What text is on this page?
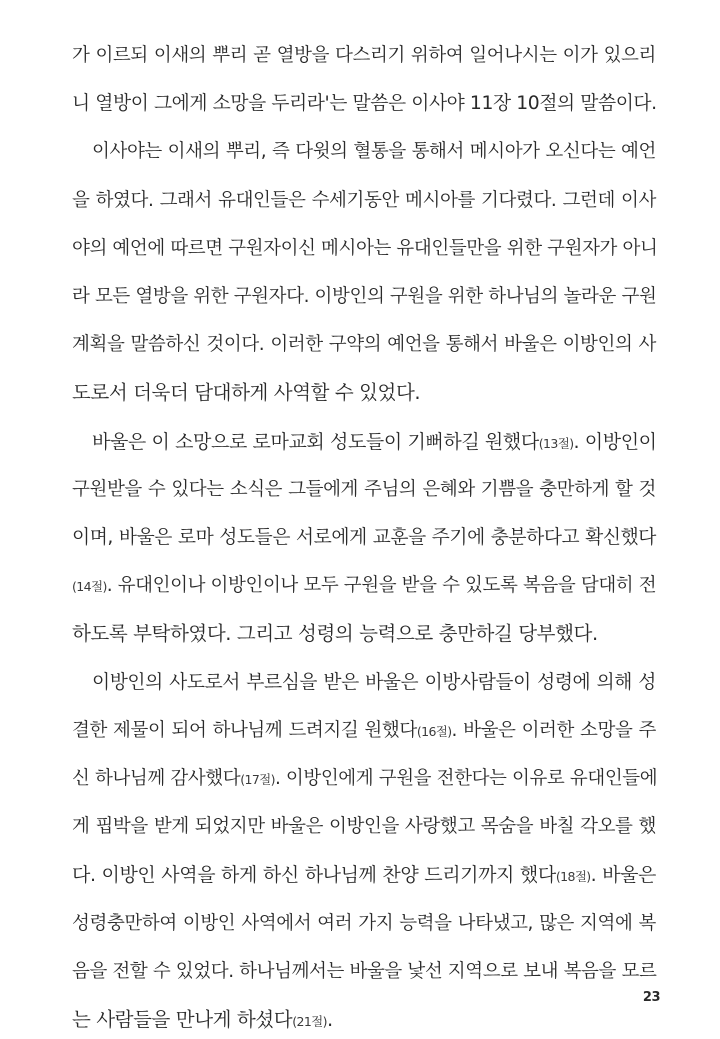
가 이르되 이새의 뿌리 곧 열방을 다스리기 위하여 일어나시는 이가 있으리
니 열방이 그에게 소망을 두리라'는 말씀은 이사야 11장 10절의 말씀이다.
이사야는 이새의 뿌리, 즉 다윗의 혈통을 통해서 메시아가 오신다는 예언
을 하였다. 그래서 유대인들은 수세기동안 메시아를 기다렸다. 그런데 이사
야의 예언에 따르면 구원자이신 메시아는 유대인들만을 위한 구원자가 아니
라 모든 열방을 위한 구원자다. 이방인의 구원을 위한 하나님의 놀라운 구원
계획을 말씀하신 것이다. 이러한 구약의 예언을 통해서 바울은 이방인의 사
도로서 더욱더 담대하게 사역할 수 있었다.
바울은 이 소망으로 로마교회 성도들이 기뻐하길 원했다(13절). 이방인이
구원받을 수 있다는 소식은 그들에게 주님의 은혜와 기쁨을 충만하게 할 것
이며, 바울은 로마 성도들은 서로에게 교훈을 주기에 충분하다고 확신했다
(14절). 유대인이나 이방인이나 모두 구원을 받을 수 있도록 복음을 담대히 전
하도록 부탁하였다. 그리고 성령의 능력으로 충만하길 당부했다.
이방인의 사도로서 부르심을 받은 바울은 이방사람들이 성령에 의해 성
결한 제물이 되어 하나님께 드려지길 원했다(16절). 바울은 이러한 소망을 주
신 하나님께 감사했다(17절). 이방인에게 구원을 전한다는 이유로 유대인들에
게 핍박을 받게 되었지만 바울은 이방인을 사랑했고 목숨을 바칠 각오를 했
다. 이방인 사역을 하게 하신 하나님께 찬양 드리기까지 했다(18절). 바울은
성령충만하여 이방인 사역에서 여러 가지 능력을 나타냈고, 많은 지역에 복
음을 전할 수 있었다. 하나님께서는 바울을 낯선 지역으로 보내 복음을 모르
는 사람들을 만나게 하셨다(21절).
23
